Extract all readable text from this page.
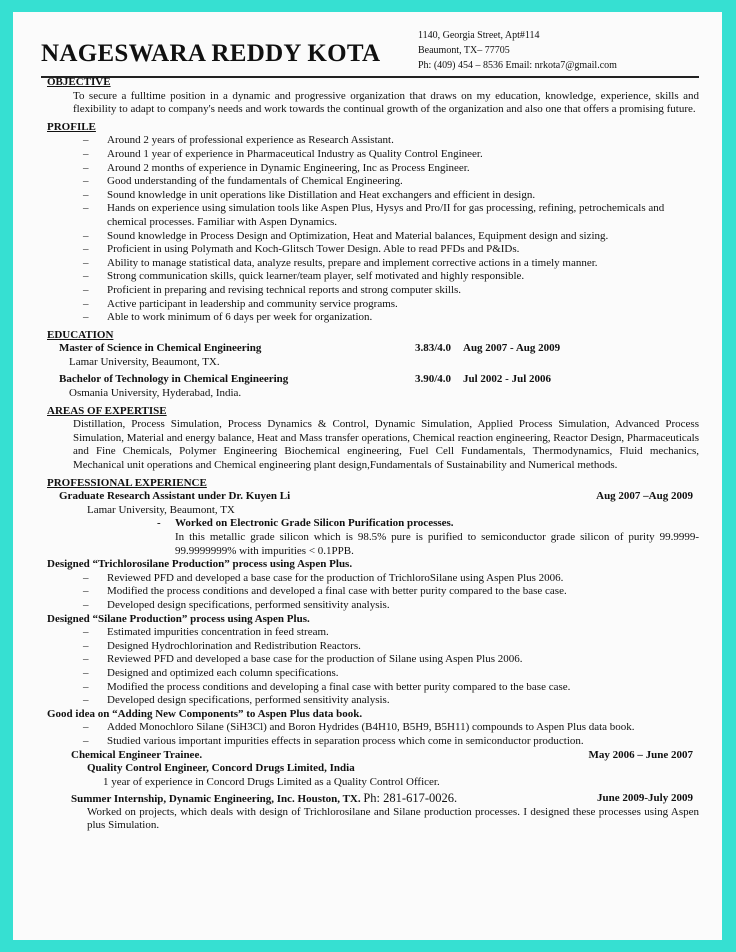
NAGESWARA REDDY KOTA
1140, Georgia Street, Apt#114
Beaumont, TX– 77705
Ph: (409) 454 – 8536 Email: nrkota7@gmail.com
OBJECTIVE
To secure a fulltime position in a dynamic and progressive organization that draws on my education, knowledge, experience, skills and flexibility to adapt to company's needs and work towards the continual growth of the organization and also one that offers a promising future.
PROFILE
– Around 2 years of professional experience as Research Assistant.
– Around 1 year of experience in Pharmaceutical Industry as Quality Control Engineer.
– Around 2 months of experience in Dynamic Engineering, Inc as Process Engineer.
– Good understanding of the fundamentals of Chemical Engineering.
– Sound knowledge in unit operations like Distillation and Heat exchangers and efficient in design.
– Hands on experience using simulation tools like Aspen Plus, Hysys and Pro/II for gas processing, refining, petrochemicals and chemical processes. Familiar with Aspen Dynamics.
– Sound knowledge in Process Design and Optimization, Heat and Material balances, Equipment design and sizing.
– Proficient in using Polymath and Koch-Glitsch Tower Design. Able to read PFDs and P&IDs.
– Ability to manage statistical data, analyze results, prepare and implement corrective actions in a timely manner.
– Strong communication skills, quick learner/team player, self motivated and highly responsible.
– Proficient in preparing and revising technical reports and strong computer skills.
– Active participant in leadership and community service programs.
– Able to work minimum of 6 days per week for organization.
EDUCATION
Master of Science in Chemical Engineering	3.83/4.0 Aug 2007 - Aug 2009
Lamar University, Beaumont, TX.
Bachelor of Technology in Chemical Engineering	3.90/4.0 Jul 2002 - Jul 2006
Osmania University, Hyderabad, India.
AREAS OF EXPERTISE
Distillation, Process Simulation, Process Dynamics & Control, Dynamic Simulation, Applied Process Simulation, Advanced Process Simulation, Material and energy balance, Heat and Mass transfer operations, Chemical reaction engineering, Reactor Design, Pharmaceuticals and Fine Chemicals, Polymer Engineering Biochemical engineering, Fuel Cell Fundamentals, Thermodynamics, Fluid mechanics, Mechanical unit operations and Chemical engineering plant design,Fundamentals of Sustainability and Numerical methods.
PROFESSIONAL EXPERIENCE
Graduate Research Assistant under Dr. Kuyen Li	Aug 2007 –Aug 2009
Lamar University, Beaumont, TX
- Worked on Electronic Grade Silicon Purification processes.
In this metallic grade silicon which is 98.5% pure is purified to semiconductor grade silicon of purity 99.9999-99.9999999% with impurities < 0.1PPB.
Designed “Trichlorosilane Production” process using Aspen Plus.
– Reviewed PFD and developed a base case for the production of TrichloroSilane using Aspen Plus 2006.
– Modified the process conditions and developed a final case with better purity compared to the base case.
– Developed design specifications, performed sensitivity analysis.
Designed “Silane Production” process using Aspen Plus.
– Estimated impurities concentration in feed stream.
– Designed Hydrochlorination and Redistribution Reactors.
– Reviewed PFD and developed a base case for the production of Silane using Aspen Plus 2006.
– Designed and optimized each column specifications.
– Modified the process conditions and developing a final case with better purity compared to the base case.
– Developed design specifications, performed sensitivity analysis.
Good idea on “Adding New Components” to Aspen Plus data book.
– Added Monochloro Silane (SiH3Cl) and Boron Hydrides (B4H10, B5H9, B5H11) compounds to Aspen Plus data book.
– Studied various important impurities effects in separation process which come in semiconductor production.
Chemical Engineer Trainee.	May 2006 – June 2007
Quality Control Engineer, Concord Drugs Limited, India
1 year of experience in Concord Drugs Limited as a Quality Control Officer.
Summer Internship, Dynamic Engineering, Inc. Houston, TX. Ph: 281-617-0026.	June 2009-July 2009
Worked on projects, which deals with design of Trichlorosilane and Silane production processes. I designed these processes using Aspen plus Simulation.
